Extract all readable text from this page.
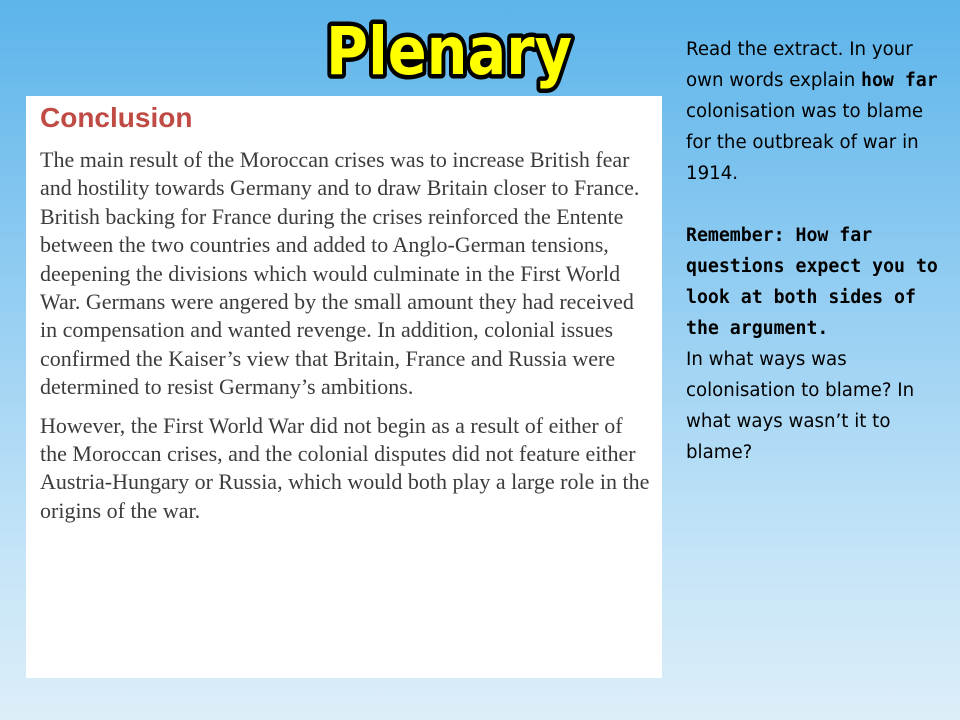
Plenary
Plenary
Conclusion

The main result of the Moroccan crises was to increase British fear and hostility towards Germany and to draw Britain closer to France. British backing for France during the crises reinforced the Entente between the two countries and added to Anglo-German tensions, deepening the divisions which would culminate in the First World War. Germans were angered by the small amount they had received in compensation and wanted revenge. In addition, colonial issues confirmed the Kaiser’s view that Britain, France and Russia were determined to resist Germany’s ambitions.

However, the First World War did not begin as a result of either of the Moroccan crises, and the colonial disputes did not feature either Austria-Hungary or Russia, which would both play a large role in the origins of the war.

Read the extract. In your own words explain how far colonisation was to blame for the outbreak of war in 1914.

Remember: How far questions expect you to look at both sides of the argument.

In what ways was colonisation to blame? In what ways wasn’t it to blame?
